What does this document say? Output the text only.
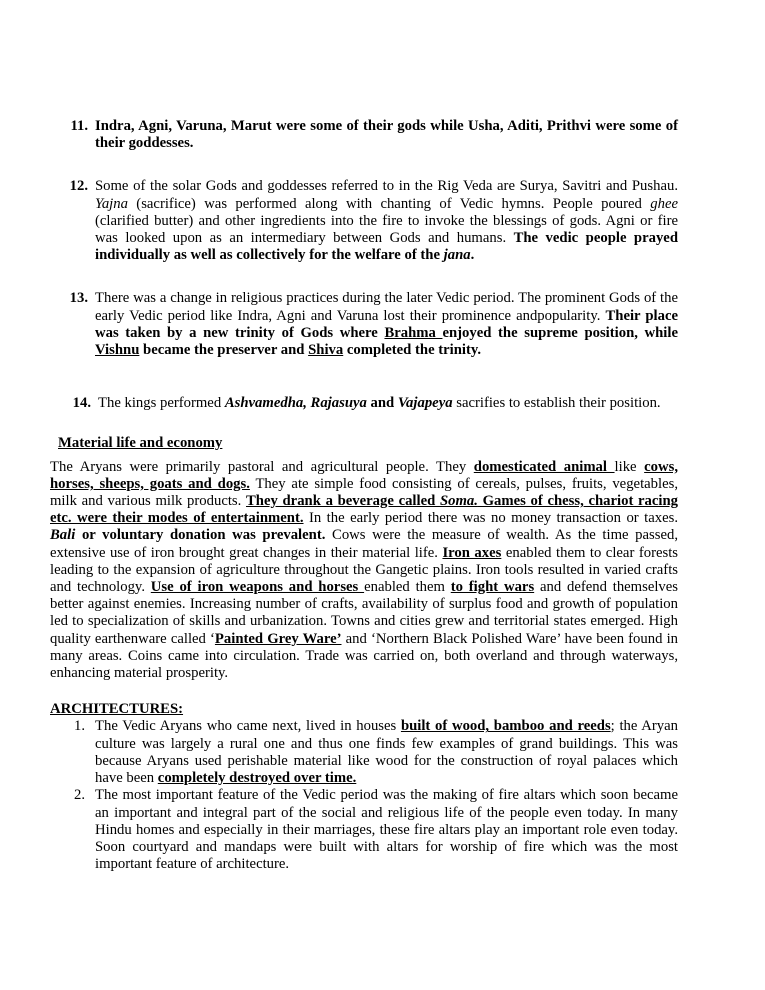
11. Indra, Agni, Varuna, Marut were some of their gods while Usha, Aditi, Prithvi were some of their goddesses.
12. Some of the solar Gods and goddesses referred to in the Rig Veda are Surya, Savitri and Pushau. Yajna (sacrifice) was performed along with chanting of Vedic hymns. People poured ghee (clarified butter) and other ingredients into the fire to invoke the blessings of gods. Agni or fire was looked upon as an intermediary between Gods and humans. The vedic people prayed individually as well as collectively for the welfare of the jana.
13. There was a change in religious practices during the later Vedic period. The prominent Gods of the early Vedic period like Indra, Agni and Varuna lost their prominence andpopularity. Their place was taken by a new trinity of Gods where Brahma enjoyed the supreme position, while Vishnu became the preserver and Shiva completed the trinity.
14. The kings performed Ashvamedha, Rajasuya and Vajapeya sacrifies to establish their position.
Material life and economy

The Aryans were primarily pastoral and agricultural people. They domesticated animal like cows, horses, sheeps, goats and dogs. They ate simple food consisting of cereals, pulses, fruits, vegetables, milk and various milk products. They drank a beverage called Soma. Games of chess, chariot racing etc. were their modes of entertainment. In the early period there was no money transaction or taxes. Bali or voluntary donation was prevalent. Cows were the measure of wealth. As the time passed, extensive use of iron brought great changes in their material life. Iron axes enabled them to clear forests leading to the expansion of agriculture throughout the Gangetic plains. Iron tools resulted in varied crafts and technology. Use of iron weapons and horses enabled them to fight wars and defend themselves better against enemies. Increasing number of crafts, availability of surplus food and growth of population led to specialization of skills and urbanization. Towns and cities grew and territorial states emerged. High quality earthenware called ‘Painted Grey Ware’ and ‘Northern Black Polished Ware’ have been found in many areas. Coins came into circulation. Trade was carried on, both overland and through waterways, enhancing material prosperity.

ARCHITECTURES:
1. The Vedic Aryans who came next, lived in houses built of wood, bamboo and reeds; the Aryan culture was largely a rural one and thus one finds few examples of grand buildings. This was because Aryans used perishable material like wood for the construction of royal palaces which have been completely destroyed over time.
2. The most important feature of the Vedic period was the making of fire altars which soon became an important and integral part of the social and religious life of the people even today. In many Hindu homes and especially in their marriages, these fire altars play an important role even today. Soon courtyard and mandaps were built with altars for worship of fire which was the most important feature of architecture.
